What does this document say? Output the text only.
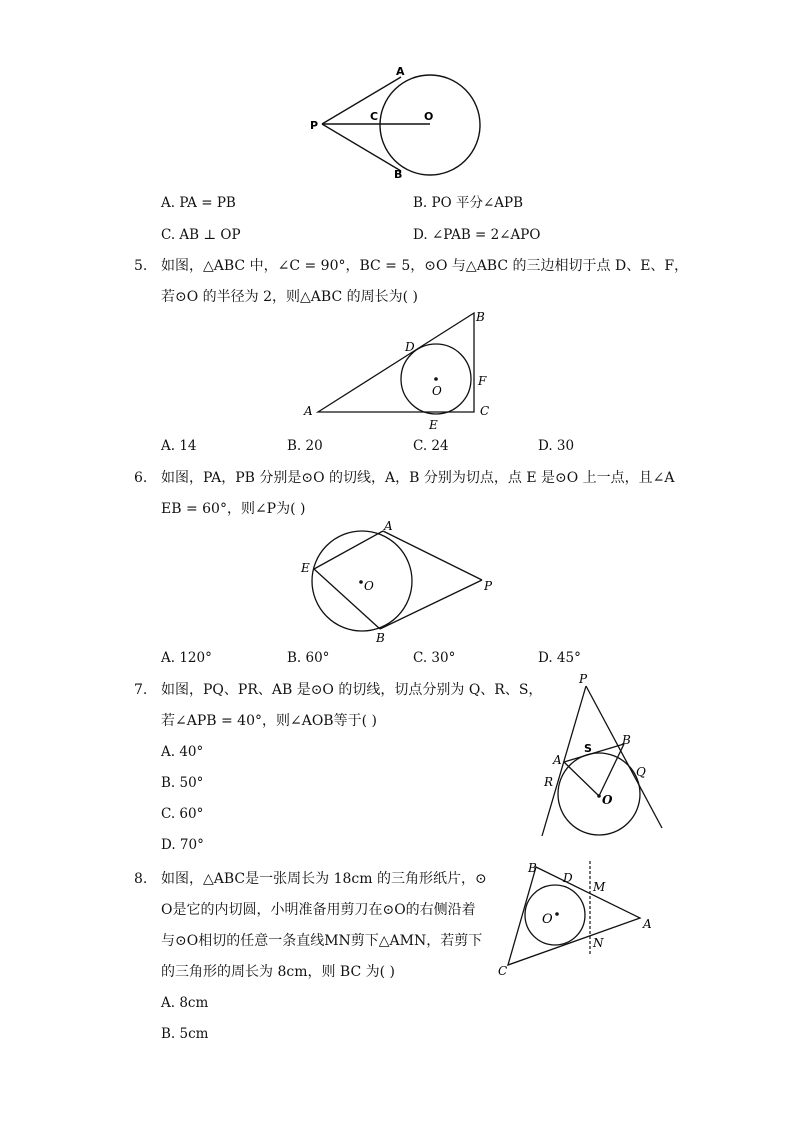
A
B
C	O
P
A. PA = PB	B. PO 平分∠APB
C. AB ⊥ OP	D. ∠PAB = 2∠APO
5. 如图，△ABC 中，∠C = 90°，BC = 5，⊙O 与△ABC 的三边相切于点 D、E、F，
若⊙O 的半径为 2，则△ABC 的周长为( )
A
B
C
D
E
F
O
A. 14	B. 20	C. 24	D. 30
6. 如图，PA，PB 分别是⊙O 的切线，A，B 分别为切点，点 E 是⊙O 上一点，且∠A
EB = 60°，则∠P为( )
A
B
E
O	P
A. 120°	B. 60°	C. 30°	D. 45°
7. 如图，PQ、PR、AB 是⊙O 的切线，切点分别为 Q、R、S，
若∠APB = 40°，则∠AOB等于( )
A. 40°
B. 50°
C. 60°
D. 70°
P
A
B
S
R
Q
O
8. 如图，△ABC是一张周长为 18cm 的三角形纸片，⊙
O是它的内切圆，小明准备用剪刀在⊙O的右侧沿着
与⊙O相切的任意一条直线MN剪下△AMN，若剪下
的三角形的周长为 8cm，则 BC 为( )
A. 8cm
B. 5cm
B
D
M
A
N
C
O
